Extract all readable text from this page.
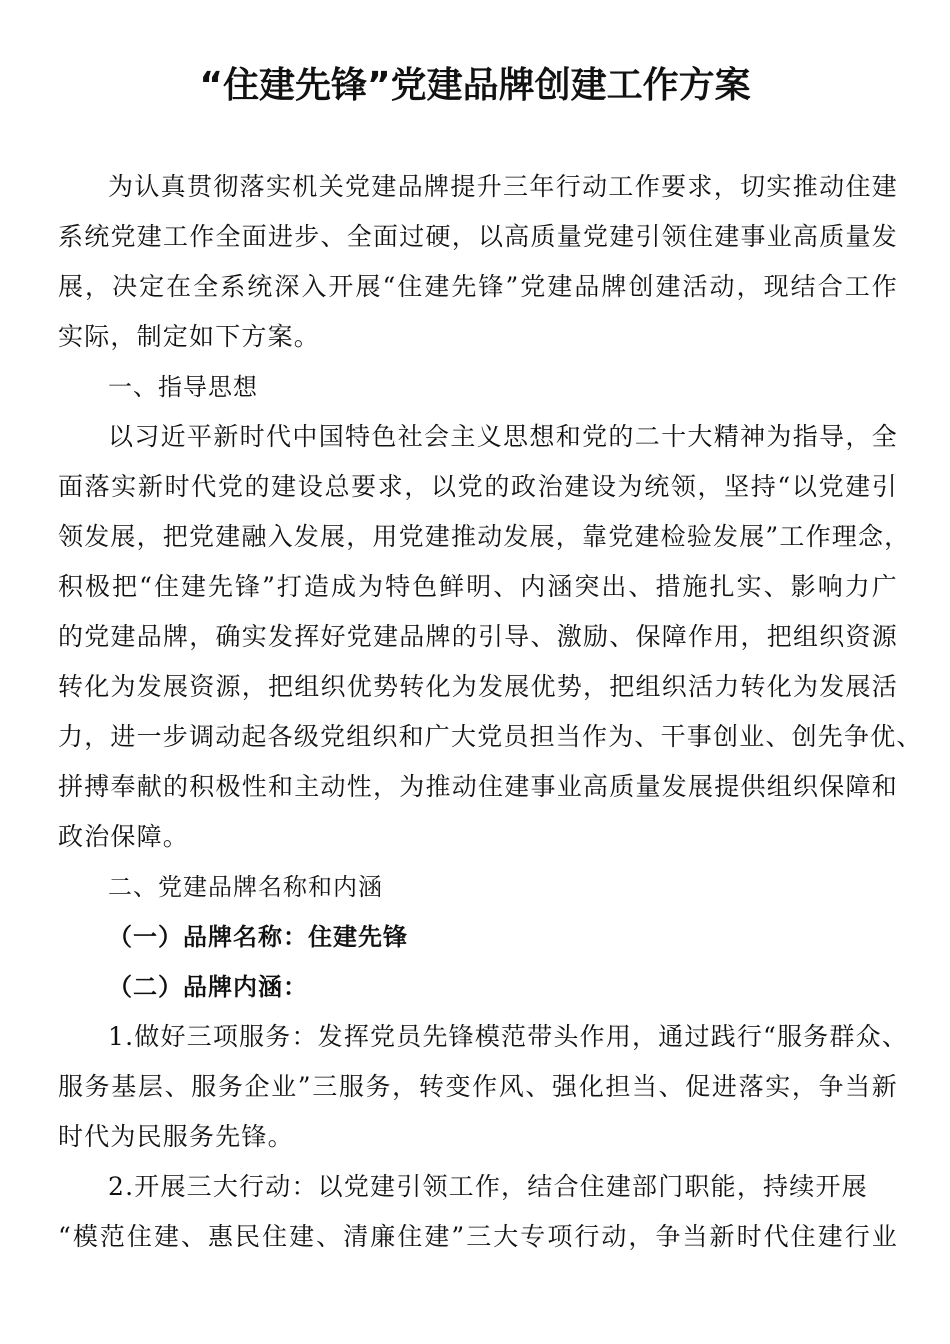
“住建先锋”党建品牌创建工作方案
为认真贯彻落实机关党建品牌提升三年行动工作要求，切实推动住建
系统党建工作全面进步、全面过硬，以高质量党建引领住建事业高质量发
展，决定在全系统深入开展“住建先锋”党建品牌创建活动，现结合工作
实际，制定如下方案。
一、指导思想
以习近平新时代中国特色社会主义思想和党的二十大精神为指导，全
面落实新时代党的建设总要求，以党的政治建设为统领，坚持“以党建引
领发展，把党建融入发展，用党建推动发展，靠党建检验发展”工作理念，
积极把“住建先锋”打造成为特色鲜明、内涵突出、措施扎实、影响力广
的党建品牌，确实发挥好党建品牌的引导、激励、保障作用，把组织资源
转化为发展资源，把组织优势转化为发展优势，把组织活力转化为发展活
力，进一步调动起各级党组织和广大党员担当作为、干事创业、创先争优、
拼搏奉献的积极性和主动性，为推动住建事业高质量发展提供组织保障和
政治保障。
二、党建品牌名称和内涵
（一）品牌名称：住建先锋
（二）品牌内涵：
1.做好三项服务：发挥党员先锋模范带头作用，通过践行“服务群众、
服务基层、服务企业”三服务，转变作风、强化担当、促进落实，争当新
时代为民服务先锋。
2.开展三大行动：以党建引领工作，结合住建部门职能，持续开展
“模范住建、惠民住建、清廉住建”三大专项行动，争当新时代住建行业
